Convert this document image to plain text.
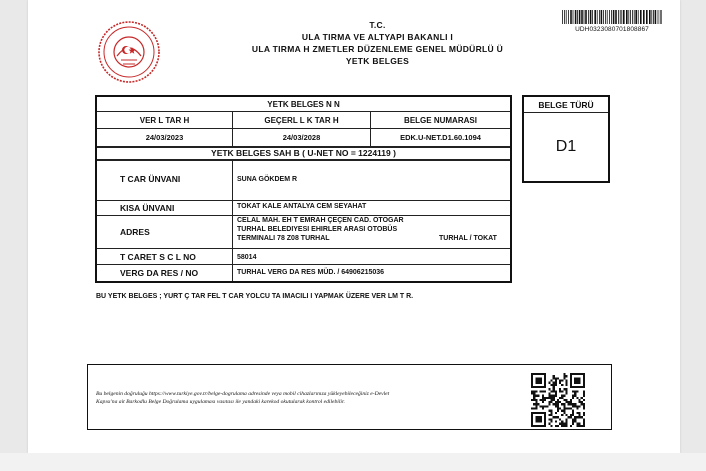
T.C.
ULA TIRMA VE ALTYAPI BAKANLI I
ULA TIRMA H ZMETLER DÜZENLEME GENEL MÜDÜRLÜ Ü
YETK BELGES
UDH0323080701808867
YETK BELGES N N
VER L TAR H	GEÇERL L K TAR H	BELGE NUMARASI
24/03/2023	24/03/2028	EDK.U-NET.D1.60.1094
YETK BELGES SAH B ( U-NET NO = 1224119 )
T CAR ÜNVANI	SUNA GÖKDEM R
KISA ÜNVANI	TOKAT KALE ANTALYA CEM SEYAHAT
ADRES
CELAL MAH. EH T EMRAH ÇEÇEN CAD. OTOGAR
TURHAL BELEDIYESI EHIRLER ARASI OTOBÜS
TERMINALI 78 Z08 TURHAL	TURHAL / TOKAT
T CARET S C L NO	58014
VERG DA RES / NO	TURHAL VERG DA RES MÜD. / 64906215036
BELGE TÜRÜ
D1
BU YETK BELGES ; YURT Ç TAR FEL T CAR YOLCU TA IMACILI I YAPMAK ÜZERE VER LM T R.
Bu belgenin doğruluğu https://www.turkiye.gov.tr/belge-dogrulama adresinde veya mobil cihazlarınıza yükleyebileceğiniz e-Devlet
Kapısı'na ait Barkodlu Belge Doğrulama uygulaması vasıtası ile yandaki karekod okutularak kontrol edilebilir.
